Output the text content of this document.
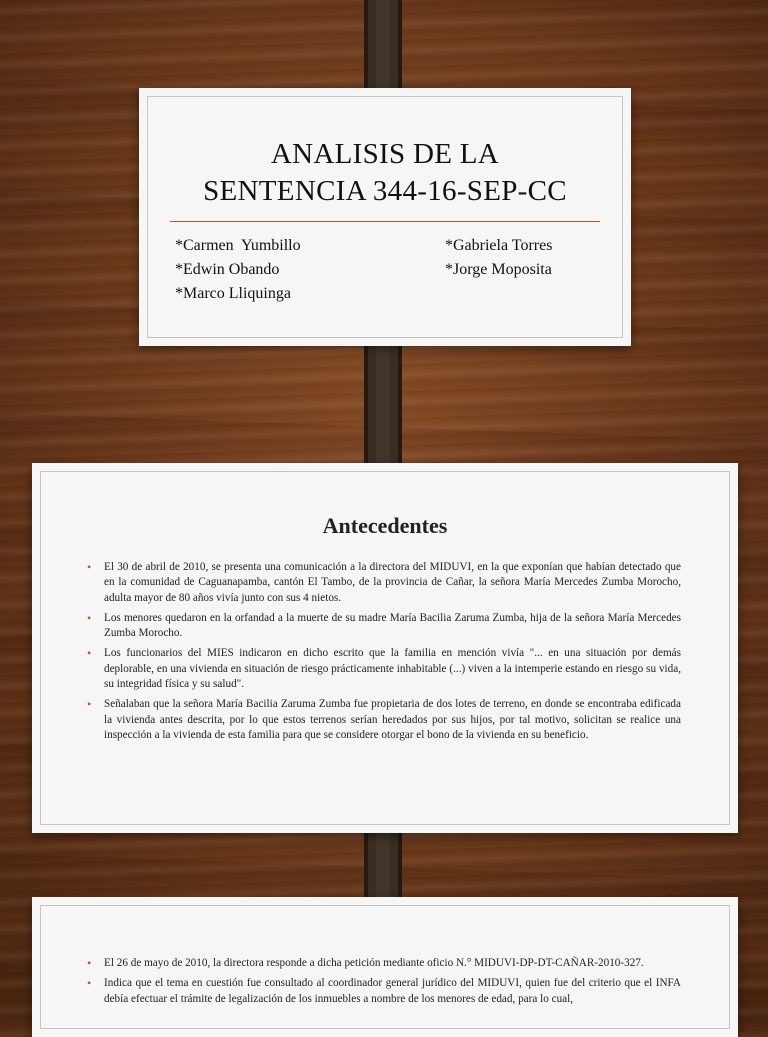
ANALISIS DE LA
SENTENCIA 344-16-SEP-CC
*Carmen  Yumbillo
*Edwin Obando
*Marco Lliquinga
*Gabriela Torres
*Jorge Moposita
Antecedentes
• El 30 de abril de 2010, se presenta una comunicación a la directora del MIDUVI, en la que exponían que habían detectado que en la comunidad de Caguanapamba, cantón El Tambo, de la provincia de Cañar, la señora María Mercedes Zumba Morocho, adulta mayor de 80 años vivía junto con sus 4 nietos.
• Los menores quedaron en la orfandad a la muerte de su madre María Bacilia Zaruma Zumba, hija de la señora María Mercedes Zumba Morocho.
• Los funcionarios del MIES indicaron en dicho escrito que la familia en mención vivía "... en una situación por demás deplorable, en una vivienda en situación de riesgo prácticamente inhabitable (...) viven a la intemperie estando en riesgo su vida, su integridad física y su salud".
• Señalaban que la señora María Bacilia Zaruma Zumba fue propietaria de dos lotes de terreno, en donde se encontraba edificada la vivienda antes descrita, por lo que estos terrenos serían heredados por sus hijos, por tal motivo, solicitan se realice una inspección a la vivienda de esta familia para que se considere otorgar el bono de la vivienda en su beneficio.
• El 26 de mayo de 2010, la directora responde a dicha petición mediante oficio N.° MIDUVI-DP-DT-CAÑAR-2010-327.
• Indica que el tema en cuestión fue consultado al coordinador general jurídico del MIDUVI, quien fue del criterio que el INFA debía efectuar el trámite de legalización de los inmuebles a nombre de los menores de edad, para lo cual,
